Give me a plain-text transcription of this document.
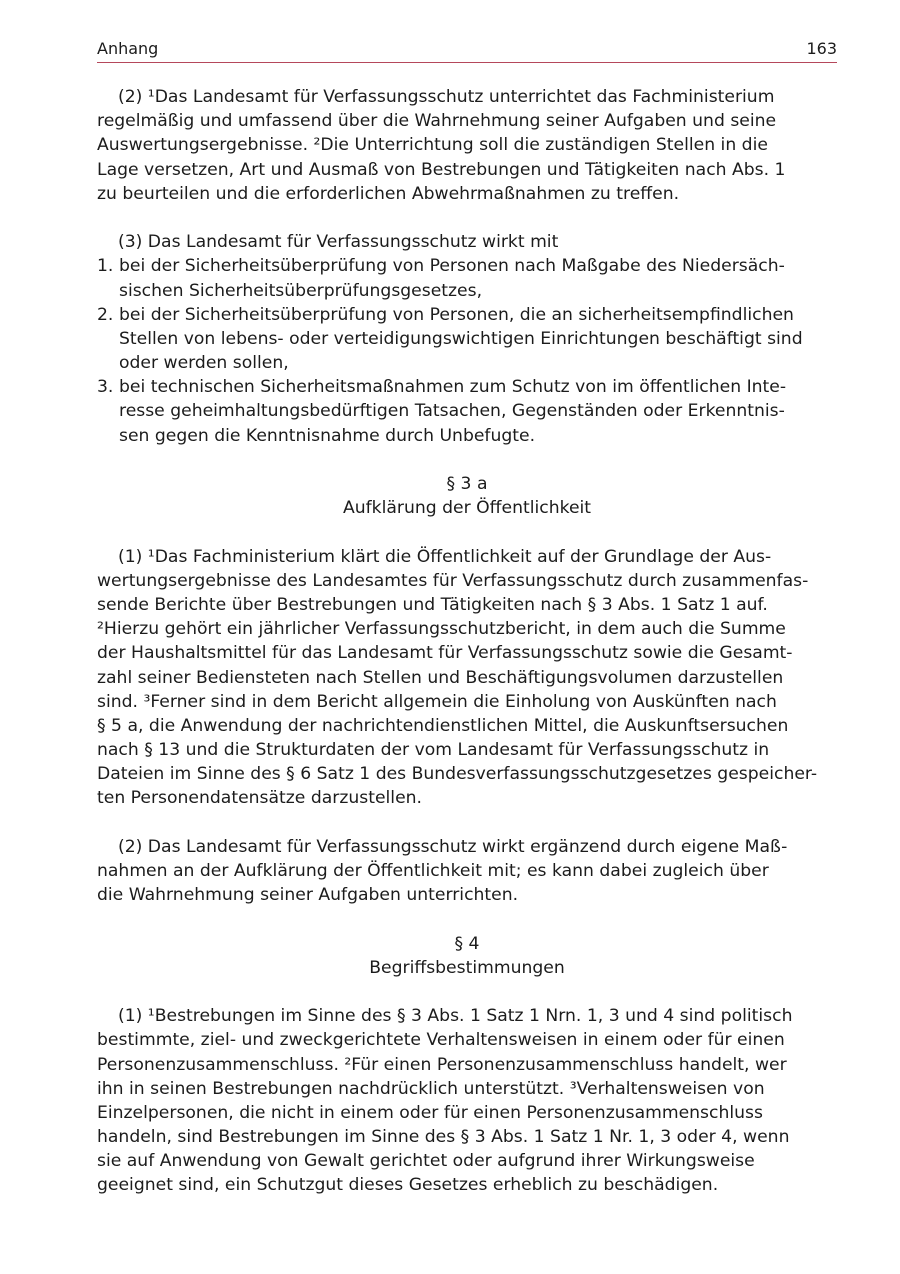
Anhang	163
(2) ¹Das Landesamt für Verfassungsschutz unterrichtet das Fachministerium
regelmäßig und umfassend über die Wahrnehmung seiner Aufgaben und seine
Auswertungsergebnisse. ²Die Unterrichtung soll die zuständigen Stellen in die
Lage versetzen, Art und Ausmaß von Bestrebungen und Tätigkeiten nach Abs. 1
zu beurteilen und die erforderlichen Abwehrmaßnahmen zu treffen.
(3) Das Landesamt für Verfassungsschutz wirkt mit
1. bei der Sicherheitsüberprüfung von Personen nach Maßgabe des Niedersäch-
sischen Sicherheitsüberprüfungsgesetzes,
2. bei der Sicherheitsüberprüfung von Personen, die an sicherheitsempfindlichen
Stellen von lebens- oder verteidigungswichtigen Einrichtungen beschäftigt sind
oder werden sollen,
3. bei technischen Sicherheitsmaßnahmen zum Schutz von im öffentlichen Inte-
resse geheimhaltungsbedürftigen Tatsachen, Gegenständen oder Erkenntnis-
sen gegen die Kenntnisnahme durch Unbefugte.
§ 3 a
Aufklärung der Öffentlichkeit
(1) ¹Das Fachministerium klärt die Öffentlichkeit auf der Grundlage der Aus-
wertungsergebnisse des Landesamtes für Verfassungsschutz durch zusammenfas-
sende Berichte über Bestrebungen und Tätigkeiten nach § 3 Abs. 1 Satz 1 auf.
²Hierzu gehört ein jährlicher Verfassungsschutzbericht, in dem auch die Summe
der Haushaltsmittel für das Landesamt für Verfassungsschutz sowie die Gesamt-
zahl seiner Bediensteten nach Stellen und Beschäftigungsvolumen darzustellen
sind. ³Ferner sind in dem Bericht allgemein die Einholung von Auskünften nach
§ 5 a, die Anwendung der nachrichtendienstlichen Mittel, die Auskunftsersuchen
nach § 13 und die Strukturdaten der vom Landesamt für Verfassungsschutz in
Dateien im Sinne des § 6 Satz 1 des Bundesverfassungsschutzgesetzes gespeicher-
ten Personendatensätze darzustellen.
(2) Das Landesamt für Verfassungsschutz wirkt ergänzend durch eigene Maß-
nahmen an der Aufklärung der Öffentlichkeit mit; es kann dabei zugleich über
die Wahrnehmung seiner Aufgaben unterrichten.
§ 4
Begriffsbestimmungen
(1) ¹Bestrebungen im Sinne des § 3 Abs. 1 Satz 1 Nrn. 1, 3 und 4 sind politisch
bestimmte, ziel- und zweckgerichtete Verhaltensweisen in einem oder für einen
Personenzusammenschluss. ²Für einen Personenzusammenschluss handelt, wer
ihn in seinen Bestrebungen nachdrücklich unterstützt. ³Verhaltensweisen von
Einzelpersonen, die nicht in einem oder für einen Personenzusammenschluss
handeln, sind Bestrebungen im Sinne des § 3 Abs. 1 Satz 1 Nr. 1, 3 oder 4, wenn
sie auf Anwendung von Gewalt gerichtet oder aufgrund ihrer Wirkungsweise
geeignet sind, ein Schutzgut dieses Gesetzes erheblich zu beschädigen.
